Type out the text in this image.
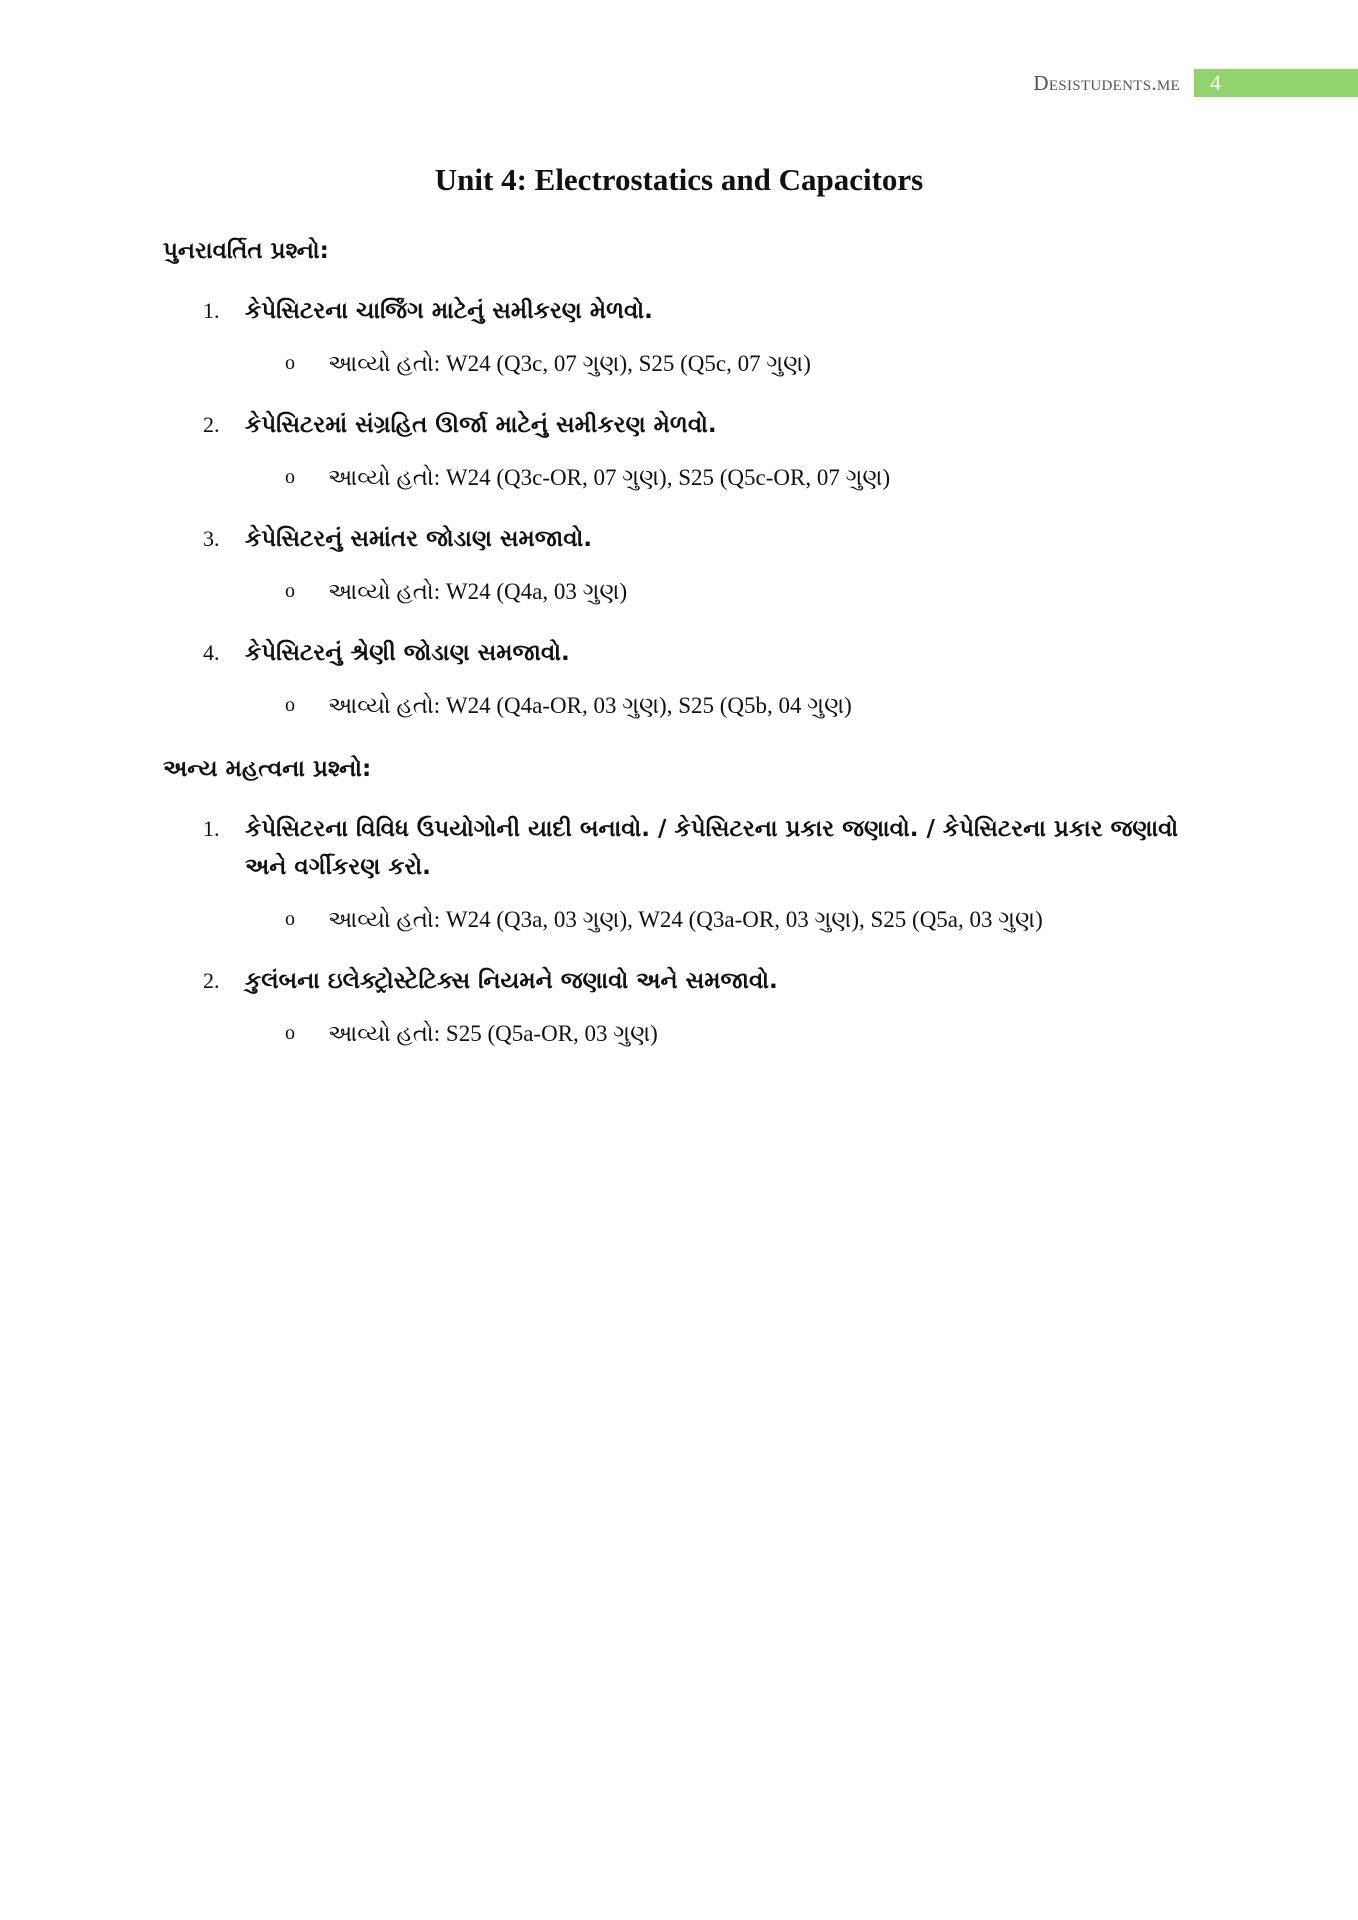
Desistudents.me	4
Unit 4: Electrostatics and Capacitors
પુનરાવર્તિત પ્રશ્નો:
1. કેપેસિટરના ચાર્જિંગ માટેનું સમીકરણ મેળવો.
o આવ્યો હતો: W24 (Q3c, 07 ગુણ), S25 (Q5c, 07 ગુણ)
2. કેપેસિટરમાં સંગ્રહિત ઊર્જા માટેનું સમીકરણ મેળવો.
o આવ્યો હતો: W24 (Q3c-OR, 07 ગુણ), S25 (Q5c-OR, 07 ગુણ)
3. કેપેસિટરનું સમાંતર જોડાણ સમજાવો.
o આવ્યો હતો: W24 (Q4a, 03 ગુણ)
4. કેપેસિટરનું શ્રેણી જોડાણ સમજાવો.
o આવ્યો હતો: W24 (Q4a-OR, 03 ગુણ), S25 (Q5b, 04 ગુણ)
અન્ય મહત્વના પ્રશ્નો:
1. કેપેસિટરના વિવિધ ઉપયોગોની યાદી બનાવો. / કેપેસિટરના પ્રકાર જણાવો. / કેપેસિટરના પ્રકાર જણાવો અને વર્ગીકરણ કરો.
o આવ્યો હતો: W24 (Q3a, 03 ગુણ), W24 (Q3a-OR, 03 ગુણ), S25 (Q5a, 03 ગુણ)
2. કુલંબના ઇલેક્ટ્રોસ્ટેટિક્સ નિયમને જણાવો અને સમજાવો.
o આવ્યો હતો: S25 (Q5a-OR, 03 ગુણ)
